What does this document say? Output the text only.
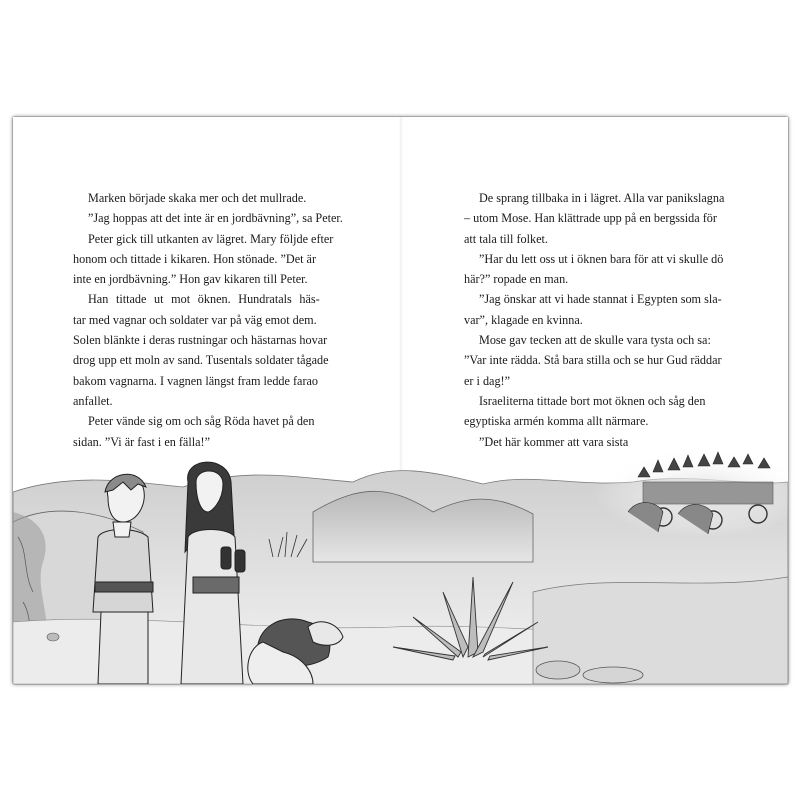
Marken började skaka mer och det mullrade.
”Jag hoppas att det inte är en jordbävning”, sa Peter.
Peter gick till utkanten av lägret. Mary följde efter
honom och tittade i kikaren. Hon stönade. ”Det är
inte en jordbävning.” Hon gav kikaren till Peter.
Han tittade ut mot öknen. Hundratals häs-
tar med vagnar och soldater var på väg emot dem.
Solen blänkte i deras rustningar och hästarnas hovar
drog upp ett moln av sand. Tusentals soldater tågade
bakom vagnarna. I vagnen längst fram ledde farao
anfallet.
Peter vände sig om och såg Röda havet på den
sidan. ”Vi är fast i en fälla!”
De sprang tillbaka in i lägret. Alla var panikslagna
– utom Mose. Han klättrade upp på en bergssida för
att tala till folket.
”Har du lett oss ut i öknen bara för att vi skulle dö
här?” ropade en man.
”Jag önskar att vi hade stannat i Egypten som sla-
var”, klagade en kvinna.
Mose gav tecken att de skulle vara tysta och sa:
”Var inte rädda. Stå bara stilla och se hur Gud räddar
er i dag!”
Israeliterna tittade bort mot öknen och såg den
egyptiska armén komma allt närmare.
”Det här kommer att vara sista
